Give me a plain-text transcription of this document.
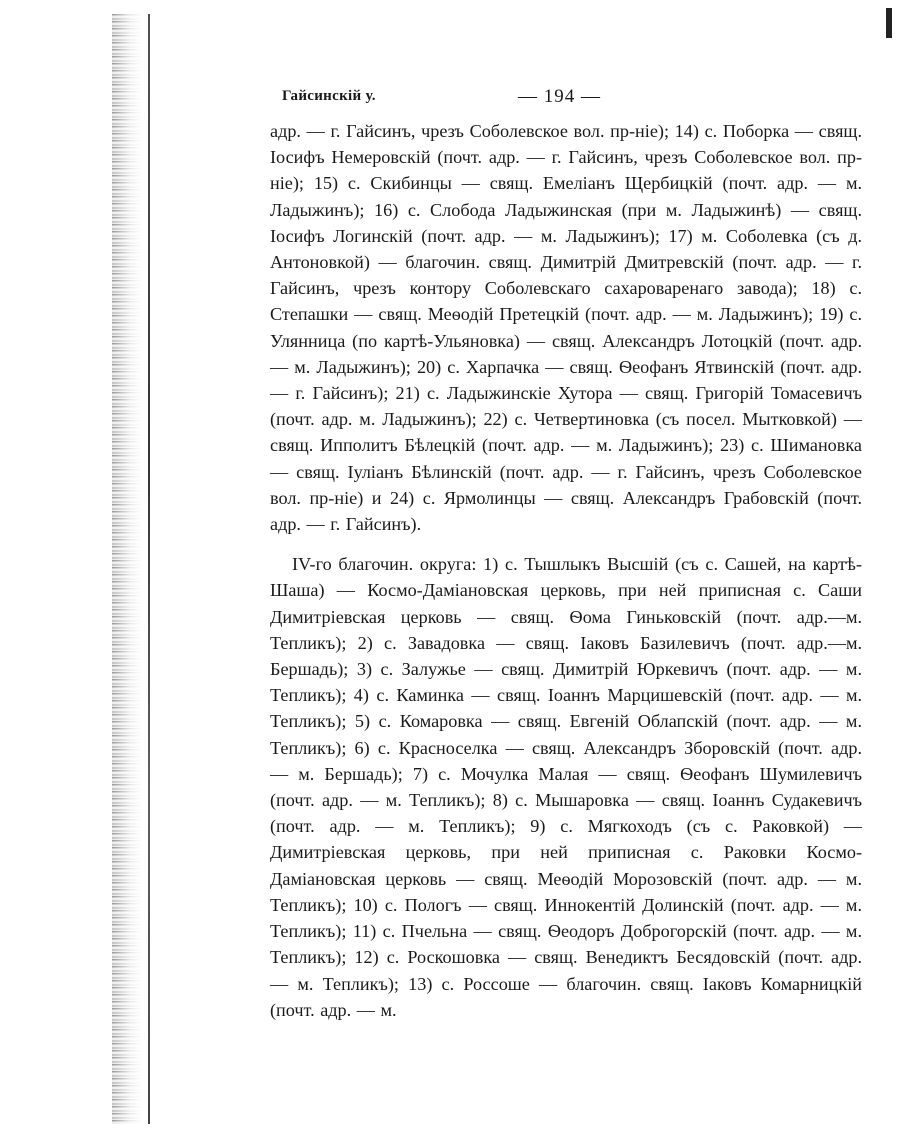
Гайсинскій у.	— 194 —

адр. — г. Гайсинъ, чрезъ Соболевское вол. пр-ніе); 14) с. Поборка — свящ. Іосифъ Немеровскій (почт. адр. — г. Гайсинъ, чрезъ Соболевское вол. пр-ніе); 15) с. Скибинцы — свящ. Емеліанъ Щербицкій (почт. адр. — м. Ладыжинъ); 16) с. Слобода Ладыжинская (при м. Ладыжинѣ) — свящ. Іосифъ Логинскій (почт. адр. — м. Ладыжинъ); 17) м. Соболевка (съ д. Антоновкой) — благочин. свящ. Димитрій Дмитревскій (почт. адр. — г. Гайсинъ, чрезъ контору Соболевскаго сахароваренаго завода); 18) с. Степашки — свящ. Меѳодій Претецкій (почт. адр. — м. Ладыжинъ); 19) с. Улянница (по картѣ-Ульяновка) — свящ. Александръ Лотоцкій (почт. адр. — м. Ладыжинъ); 20) с. Харпачка — свящ. Ѳеофанъ Ятвинскій (почт. адр. — г. Гайсинъ); 21) с. Ладыжинскіе Хутора — свящ. Григорій Томасевичъ (почт. адр. м. Ладыжинъ); 22) с. Четвертиновка (съ посел. Мытковкой) — свящ. Ипполитъ Бѣлецкій (почт. адр. — м. Ладыжинъ); 23) с. Шимановка — свящ. Іуліанъ Бѣлинскій (почт. адр. — г. Гайсинъ, чрезъ Соболевское вол. пр-ніе) и 24) с. Ярмолинцы — свящ. Александръ Грабовскій (почт. адр. — г. Гайсинъ).

IV-го благочин. округа: 1) с. Тышлыкъ Высшій (съ с. Сашей, на картѣ-Шаша) — Космо-Даміановская церковь, при ней приписная с. Саши Димитріевская церковь — свящ. Ѳома Гиньковскій (почт. адр.—м. Тепликъ); 2) с. Завадовка — свящ. Іаковъ Базилевичъ (почт. адр.—м. Бершадь); 3) с. Залужье — свящ. Димитрій Юркевичъ (почт. адр. — м. Тепликъ); 4) с. Каминка — свящ. Іоаннъ Марцишевскій (почт. адр. — м. Тепликъ); 5) с. Комаровка — свящ. Евгеній Облапскій (почт. адр. — м. Тепликъ); 6) с. Красноселка — свящ. Александръ Зборовскій (почт. адр. — м. Бершадь); 7) с. Мочулка Малая — свящ. Ѳеофанъ Шумилевичъ (почт. адр. — м. Тепликъ); 8) с. Мышаровка — свящ. Іоаннъ Судакевичъ (почт. адр. — м. Тепликъ); 9) с. Мягкоходъ (съ с. Раковкой) — Димитріевская церковь, при ней приписная с. Раковки Космо-Даміановская церковь — свящ. Меѳодій Морозовскій (почт. адр. — м. Тепликъ); 10) с. Пологъ — свящ. Иннокентій Долинскій (почт. адр. — м. Тепликъ); 11) с. Пчельна — свящ. Ѳеодоръ Доброгорскій (почт. адр. — м. Тепликъ); 12) с. Роскошовка — свящ. Венедиктъ Бесядовскій (почт. адр. — м. Тепликъ); 13) с. Россоше — благочин. свящ. Іаковъ Комарницкій (почт. адр. — м.
